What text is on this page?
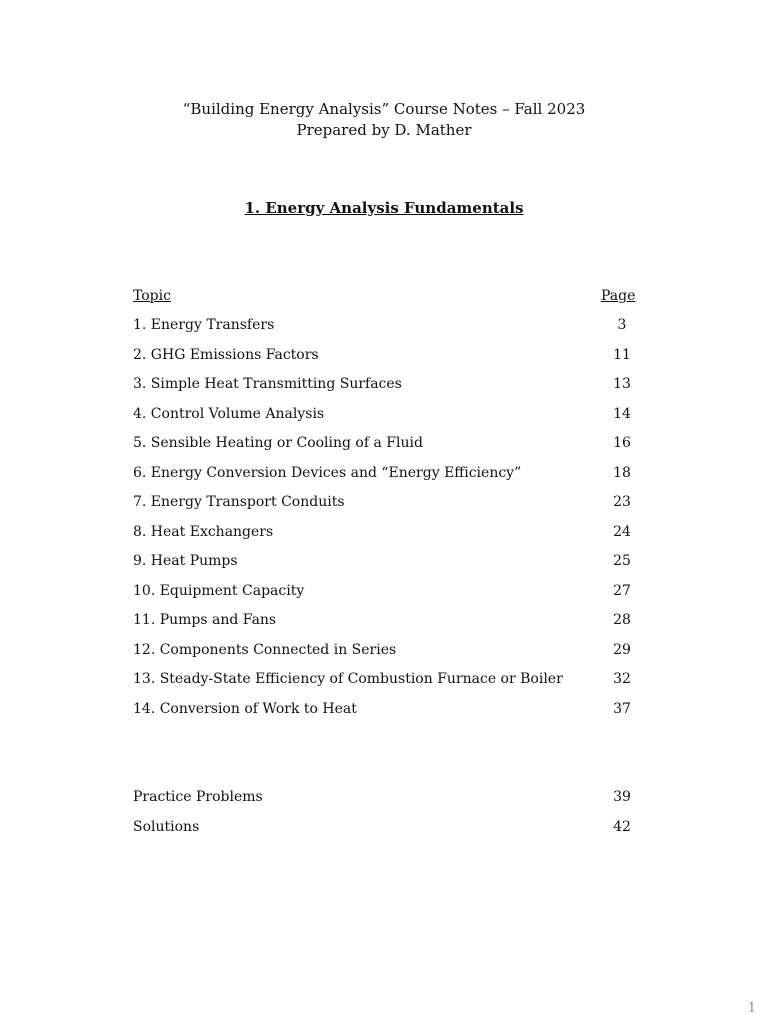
“Building Energy Analysis” Course Notes – Fall 2023
Prepared by D. Mather
1. Energy Analysis Fundamentals
Topic	Page
1. Energy Transfers	3
2. GHG Emissions Factors	11
3. Simple Heat Transmitting Surfaces	13
4. Control Volume Analysis	14
5. Sensible Heating or Cooling of a Fluid	16
6. Energy Conversion Devices and “Energy Efficiency”	18
7. Energy Transport Conduits	23
8. Heat Exchangers	24
9. Heat Pumps	25
10. Equipment Capacity	27
11. Pumps and Fans	28
12. Components Connected in Series	29
13. Steady-State Efficiency of Combustion Furnace or Boiler	32
14. Conversion of Work to Heat	37
Practice Problems	39
Solutions	42
1
